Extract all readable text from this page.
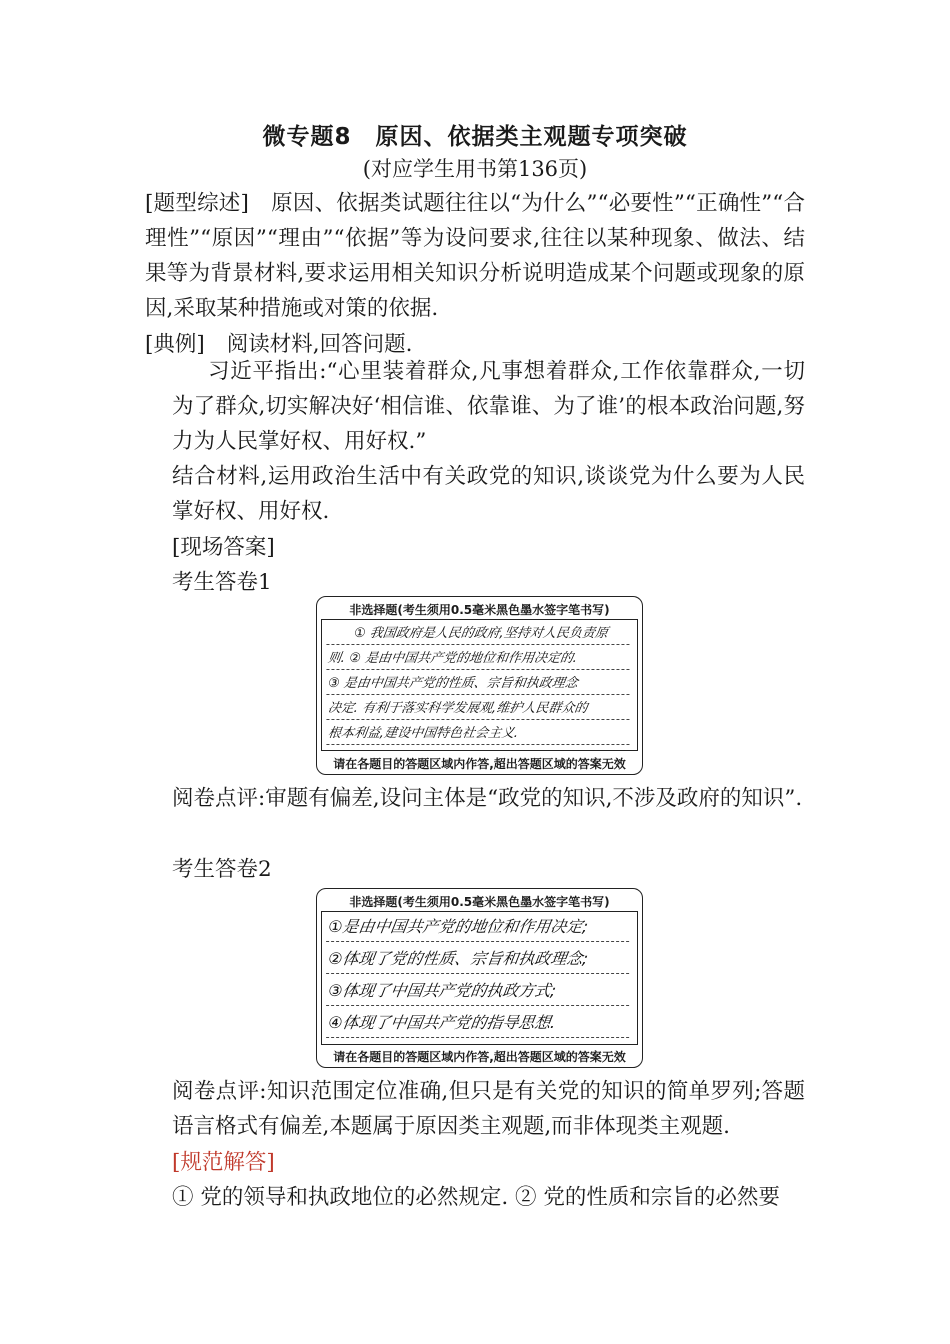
微专题8　原因、依据类主观题专项突破
(对应学生用书第136页)
[题型综述] 原因、依据类试题往往以“为什么”“必要性”“正确性”“合理性”“原因”“理由”“依据”等为设问要求,往往以某种现象、做法、结果等为背景材料,要求运用相关知识分析说明造成某个问题或现象的原因,采取某种措施或对策的依据.
[典例] 阅读材料,回答问题.
习近平指出:“心里装着群众,凡事想着群众,工作依靠群众,一切为了群众,切实解决好‘相信谁、依靠谁、为了谁’的根本政治问题,努力为人民掌好权、用好权.”
结合材料,运用政治生活中有关政党的知识,谈谈党为什么要为人民掌好权、用好权.
[现场答案]
考生答卷1
非选择题(考生须用0.5毫米黑色墨水签字笔书写)
① 我国政府是人民的政府,坚持对人民负责原
则. ② 是由中国共产党的地位和作用决定的.
③ 是由中国共产党的性质、宗旨和执政理念
决定. 有利于落实科学发展观,维护人民群众的
根本利益,建设中国特色社会主义.
请在各题目的答题区域内作答,超出答题区域的答案无效
阅卷点评:审题有偏差,设问主体是“政党的知识,不涉及政府的知识”.
考生答卷2
非选择题(考生须用0.5毫米黑色墨水签字笔书写)
①是由中国共产党的地位和作用决定;
②体现了党的性质、宗旨和执政理念;
③体现了中国共产党的执政方式;
④体现了中国共产党的指导思想.
请在各题目的答题区域内作答,超出答题区域的答案无效
阅卷点评:知识范围定位准确,但只是有关党的知识的简单罗列;答题语言格式有偏差,本题属于原因类主观题,而非体现类主观题.
[规范解答]
① 党的领导和执政地位的必然规定. ② 党的性质和宗旨的必然要
